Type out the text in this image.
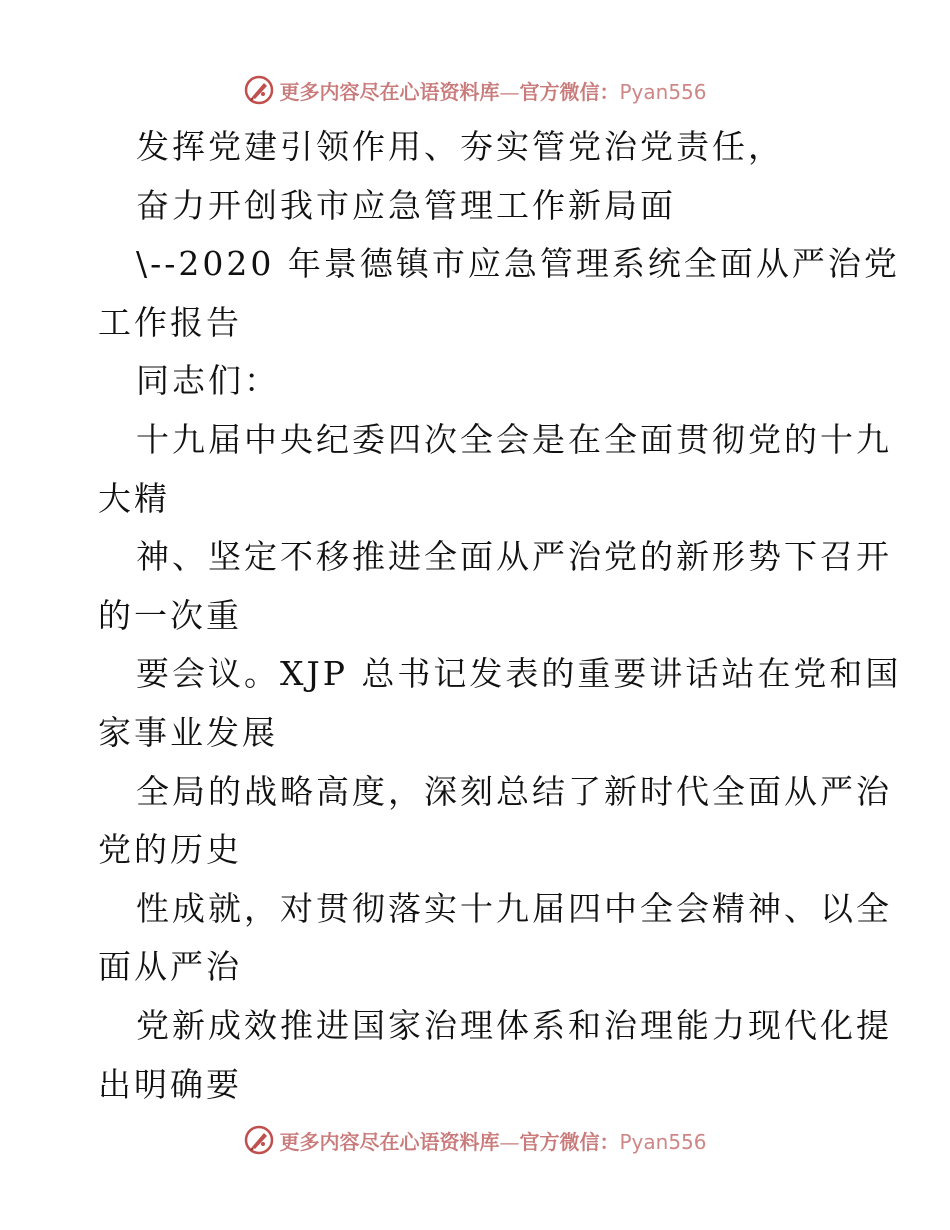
更多内容尽在心语资料库—官方微信：Pyan556
发挥党建引领作用、夯实管党治党责任，
奋力开创我市应急管理工作新局面
\--2020 年景德镇市应急管理系统全面从严治党
工作报告
同志们：
十九届中央纪委四次全会是在全面贯彻党的十九
大精
神、坚定不移推进全面从严治党的新形势下召开
的一次重
要会议。XJP 总书记发表的重要讲话站在党和国
家事业发展
全局的战略高度，深刻总结了新时代全面从严治
党的历史
性成就，对贯彻落实十九届四中全会精神、以全
面从严治
党新成效推进国家治理体系和治理能力现代化提
出明确要
更多内容尽在心语资料库—官方微信：Pyan556
